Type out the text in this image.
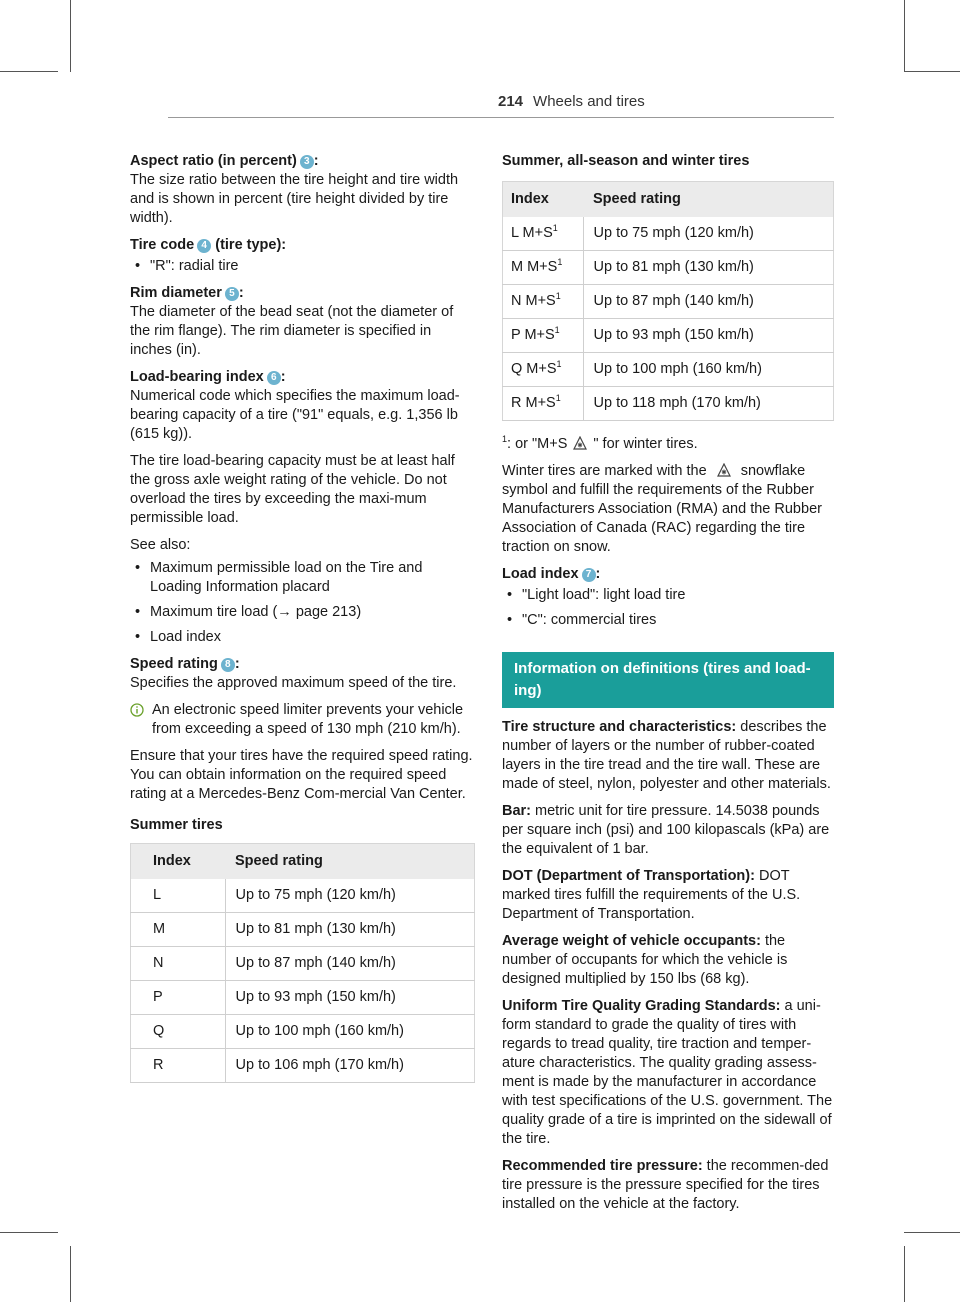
214 Wheels and tires

Aspect ratio (in percent) 3 :
The size ratio between the tire height and tire width and is shown in percent (tire height divided by tire width).

Tire code 4 (tire type):

• "R": radial tire

Rim diameter 5 :
The diameter of the bead seat (not the diameter of the rim flange). The rim diameter is specified in inches (in).

Load-bearing index 6 :
Numerical code which specifies the maximum load-bearing capacity of a tire ("91" equals, e.g. 1,356 lb (615 kg)).

The tire load-bearing capacity must be at least half the gross axle weight rating of the vehicle. Do not overload the tires by exceeding the maxi-mum permissible load.

See also:

• Maximum permissible load on the Tire and Loading Information placard
• Maximum tire load (→ page 213)
• Load index

Speed rating 8 :
Specifies the approved maximum speed of the tire.

An electronic speed limiter prevents your vehicle from exceeding a speed of 130 mph (210 km/h).

Ensure that your tires have the required speed rating. You can obtain information on the required speed rating at a Mercedes-Benz Com-mercial Van Center.

Summer tires

Index	Speed rating
L	Up to 75 mph (120 km/h)
M	Up to 81 mph (130 km/h)
N	Up to 87 mph (140 km/h)
P	Up to 93 mph (150 km/h)
Q	Up to 100 mph (160 km/h)
R	Up to 106 mph (170 km/h)

Summer, all-season and winter tires

Index	Speed rating
L $M+S^1$	Up to 75 mph (120 km/h)
M $M+S^1$	Up to 81 mph (130 km/h)
N $M+S^1$	Up to 87 mph (140 km/h)
P $M+S^1$	Up to 93 mph (150 km/h)
Q $M+S^1$	Up to 100 mph (160 km/h)
R $M+S^1$	Up to 118 mph (170 km/h)

$^1$: or "M+S " for winter tires.

Winter tires are marked with the snowflake symbol and fulfill the requirements of the Rubber Manufacturers Association (RMA) and the Rubber Association of Canada (RAC) regarding the tire traction on snow.

Load index 7 :

• "Light load": light load tire
• "C": commercial tires
Information on definitions (tires and load-ing)

Tire structure and characteristics: describes the number of layers or the number of rubber-coated layers in the tire tread and the tire wall. These are made of steel, nylon, polyester and other materials.

Bar: metric unit for tire pressure. 14.5038 pounds per square inch (psi) and 100 kilopascals (kPa) are the equivalent of 1 bar.

DOT (Department of Transportation): DOT marked tires fulfill the requirements of the U.S. Department of Transportation.

Average weight of vehicle occupants: the number of occupants for which the vehicle is designed multiplied by 150 lbs (68 kg).

Uniform Tire Quality Grading Standards: a uni-form standard to grade the quality of tires with regards to tread quality, tire traction and temper-ature characteristics. The quality grading assess-ment is made by the manufacturer in accordance with test specifications of the U.S. government. The quality grade of a tire is imprinted on the sidewall of the tire.

Recommended tire pressure: the recommen-ded tire pressure is the pressure specified for the tires installed on the vehicle at the factory.
